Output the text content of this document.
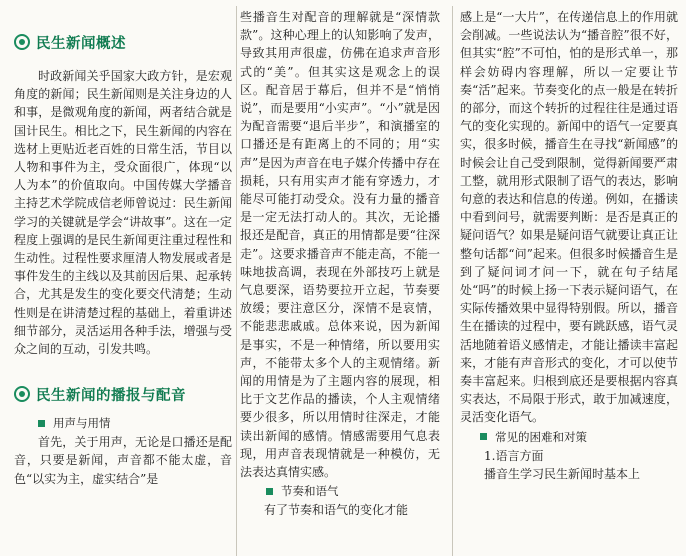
民生新闻概述

时政新闻关乎国家大政方针，是宏观角度的新闻；民生新闻则是关注身边的人和事，是微观角度的新闻，两者结合就是国计民生。相比之下，民生新闻的内容在选材上更贴近老百姓的日常生活，节目以人物和事件为主，受众面很广，体现“以人为本”的价值取向。中国传媒大学播音主持艺术学院成信老师曾说过：民生新闻学习的关键就是学会“讲故事”。这在一定程度上强调的是民生新闻更注重过程性和生动性。过程性要求厘清人物发展或者是事件发生的主线以及其前因后果、起承转合，尤其是发生的变化要交代清楚；生动性则是在讲清楚过程的基础上，着重讲述细节部分，灵活运用各种手法，增强与受众之间的互动，引发共鸣。

民生新闻的播报与配音
用声与用情

首先，关于用声，无论是口播还是配音，只要是新闻，声音都不能太虚，音色“以实为主，虚实结合”是

些播音生对配音的理解就是“深情款款”。这种心理上的认知影响了发声，导致其用声很虚，仿佛在追求声音形式的“美”。但其实这是观念上的误区。配音居于幕后，但并不是“悄悄说”，而是要用“小实声”。“小”就是因为配音需要“退后半步”，和演播室的口播还是有距离上的不同的；用“实声”是因为声音在电子媒介传播中存在损耗，只有用实声才能有穿透力，才能尽可能打动受众。没有力量的播音是一定无法打动人的。其次，无论播报还是配音，真正的用情都是要“往深走”。这要求播音声不能走高，不能一味地拔高调，表现在外部技巧上就是气息要深，语势要拉开立起，节奏要放缓；要注意区分，深情不是哀情，不能悲悲戚戚。总体来说，因为新闻是事实，不是一种情绪，所以要用实声，不能带太多个人的主观情绪。新闻的用情是为了主题内容的展现，相比于文艺作品的播读，个人主观情绪要少很多，所以用情时往深走，才能读出新闻的感情。情感需要用气息表现，用声音表现情就是一种模仿，无法表达真情实感。

节奏和语气

有了节奏和语气的变化才能

感上是“一大片”，在传递信息上的作用就会削减。一些说法认为“播音腔”很不好，但其实“腔”不可怕，怕的是形式单一，那样会妨碍内容理解，所以一定要让节奏“活”起来。节奏变化的点一般是在转折的部分，而这个转折的过程往往是通过语气的变化实现的。新闻中的语气一定要真实，很多时候，播音生在寻找“新闻感”的时候会让自己受到限制，觉得新闻要严肃工整，就用形式限制了语气的表达，影响句意的表达和信息的传递。例如，在播读中看到问号，就需要判断：是否是真正的疑问语气？如果是疑问语气就要让真正让整句话都“问”起来。但很多时候播音生是到了疑问词才问一下，就在句子结尾处“吗”的时候上扬一下表示疑问语气，在实际传播效果中显得特别假。所以，播音生在播读的过程中，要有跳跃感，语气灵活地随着语义感情走，才能让播读丰富起来，才能有声音形式的变化，才可以使节奏丰富起来。归根到底还是要根据内容真实表达，不局限于形式，敢于加减速度，灵活变化语气。

常见的困难和对策

1.语言方面

播音生学习民生新闻时基本上
